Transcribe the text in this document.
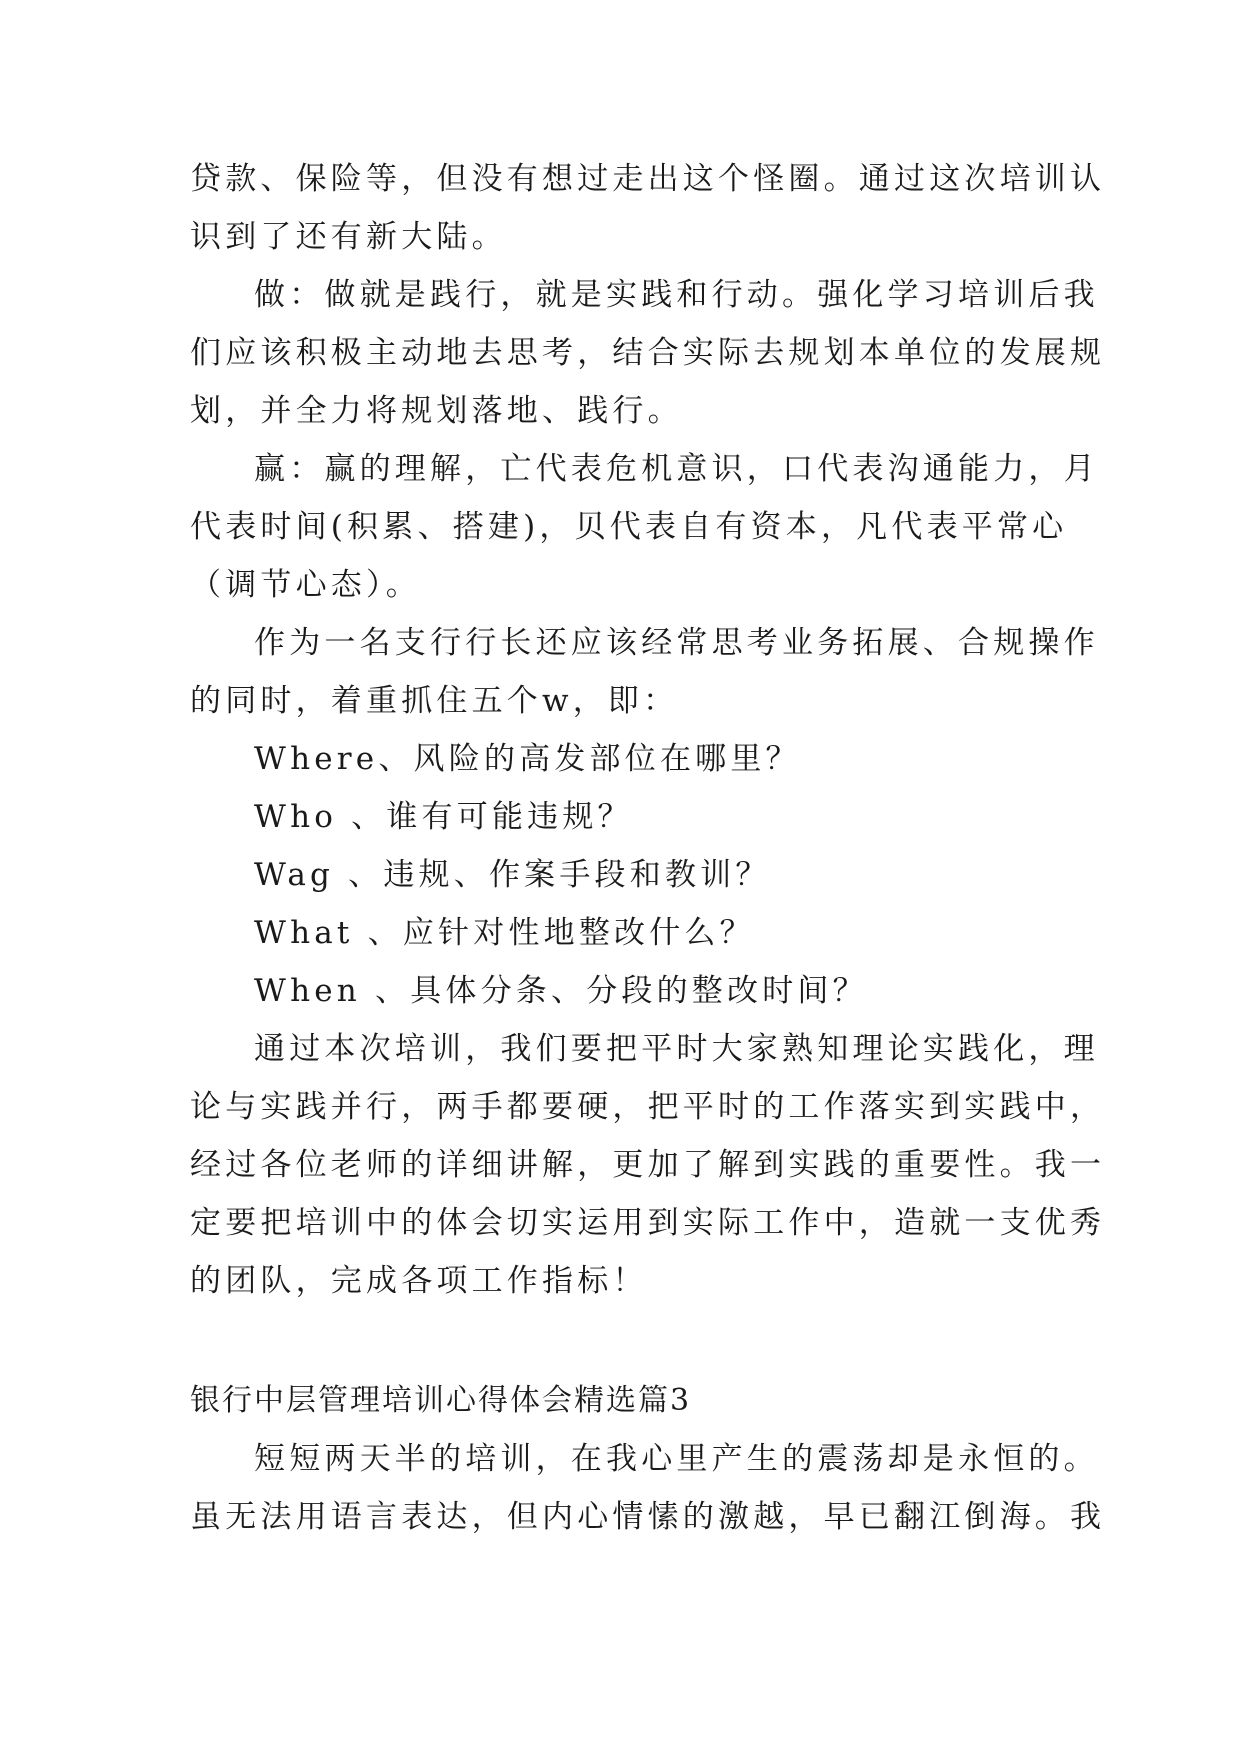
贷款、保险等，但没有想过走出这个怪圈。通过这次培训认
识到了还有新大陆。
做：做就是践行，就是实践和行动。强化学习培训后我
们应该积极主动地去思考，结合实际去规划本单位的发展规
划，并全力将规划落地、践行。
赢：赢的理解，亡代表危机意识，口代表沟通能力，月
代表时间(积累、搭建)，贝代表自有资本，凡代表平常心
（调节心态）。
作为一名支行行长还应该经常思考业务拓展、合规操作
的同时，着重抓住五个w，即：
Where、风险的高发部位在哪里？
Who 、谁有可能违规？
Wag 、违规、作案手段和教训？
What 、应针对性地整改什么？
When 、具体分条、分段的整改时间？
通过本次培训，我们要把平时大家熟知理论实践化，理
论与实践并行，两手都要硬，把平时的工作落实到实践中，
经过各位老师的详细讲解，更加了解到实践的重要性。我一
定要把培训中的体会切实运用到实际工作中，造就一支优秀
的团队，完成各项工作指标！
银行中层管理培训心得体会精选篇3
短短两天半的培训，在我心里产生的震荡却是永恒的。
虽无法用语言表达，但内心情愫的激越，早已翻江倒海。我
